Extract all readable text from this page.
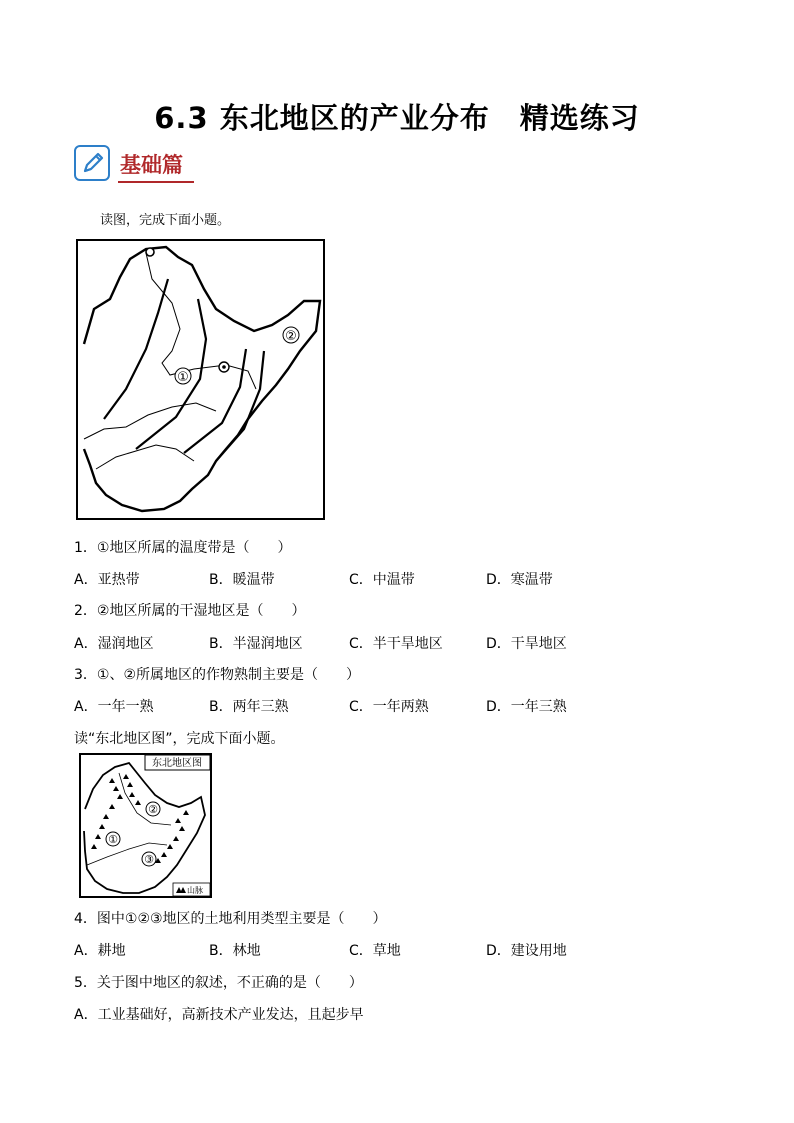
6.3 东北地区的产业分布　精选练习
基础篇
读图，完成下面小题。
①
②
1．①地区所属的温度带是（　　）
A．亚热带	B．暖温带	C．中温带	D．寒温带
2．②地区所属的干湿地区是（　　）
A．湿润地区	B．半湿润地区	C．半干旱地区	D．干旱地区
3．①、②所属地区的作物熟制主要是（　　）
A．一年一熟	B．两年三熟	C．一年两熟	D．一年三熟
读“东北地区图”，完成下面小题。
东北地区图
①
②
③
山脉
4．图中①②③地区的土地利用类型主要是（　　）
A．耕地	B．林地	C．草地	D．建设用地
5．关于图中地区的叙述，不正确的是（　　）
A．工业基础好，高新技术产业发达，且起步早
